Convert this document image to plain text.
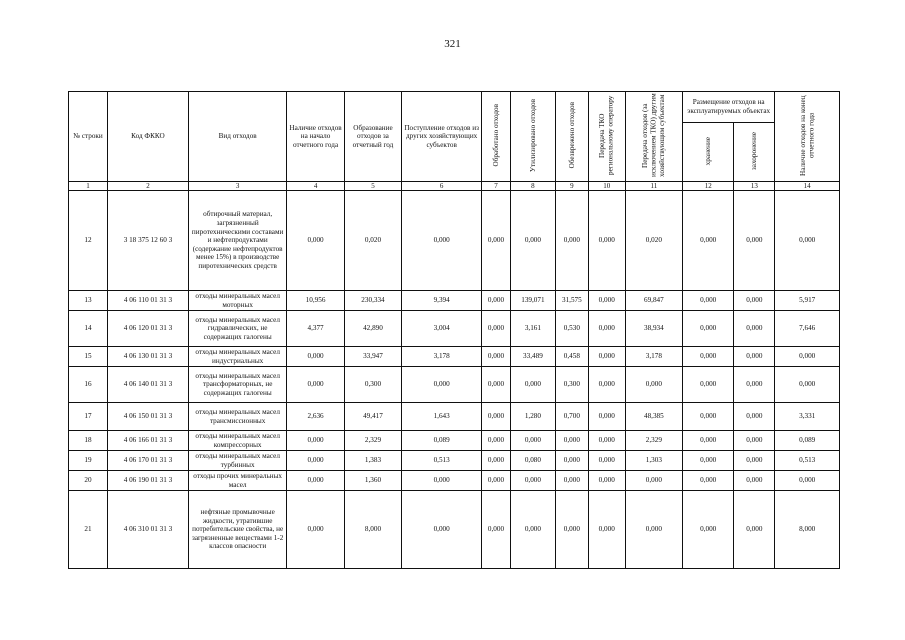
321
№ строки	Код ФККО	Вид отходов	Наличие отходов на начало отчетного года	Образование отходов за отчетный год	Поступление отходов из других хозяйствующих субъектов	Обработано отходов	Утилизировано отходов	Обезврежено отходов	Передача ТКО региональному оператору	Передача отходов (за исключением ТКО) другим хозяйствующим субъектам	Размещение отходов на эксплуатируемых объектах		Наличие отходов на конец отчетного года
											хранение	захоронение	
1	2	3	4	5	6	7	8	9	10	11	12	13	14
12	3 18 375 12 60 3	обтирочный материал, загрязненный пиротехническими составами и нефтепродуктами (содержание нефтепродуктов менее 15%) в производстве пиротехнических средств	0,000	0,020	0,000	0,000	0,000	0,000	0,000	0,020	0,000	0,000	0,000
13	4 06 110 01 31 3	отходы минеральных масел моторных	10,956	230,334	9,394	0,000	139,071	31,575	0,000	69,847	0,000	0,000	5,917
14	4 06 120 01 31 3	отходы минеральных масел гидравлических, не содержащих галогены	4,377	42,890	3,004	0,000	3,161	0,530	0,000	38,934	0,000	0,000	7,646
15	4 06 130 01 31 3	отходы минеральных масел индустриальных	0,000	33,947	3,178	0,000	33,489	0,458	0,000	3,178	0,000	0,000	0,000
16	4 06 140 01 31 3	отходы минеральных масел трансформаторных, не содержащих галогены	0,000	0,300	0,000	0,000	0,000	0,300	0,000	0,000	0,000	0,000	0,000
17	4 06 150 01 31 3	отходы минеральных масел трансмиссионных	2,636	49,417	1,643	0,000	1,280	0,700	0,000	48,385	0,000	0,000	3,331
18	4 06 166 01 31 3	отходы минеральных масел компрессорных	0,000	2,329	0,089	0,000	0,000	0,000	0,000	2,329	0,000	0,000	0,089
19	4 06 170 01 31 3	отходы минеральных масел турбинных	0,000	1,383	0,513	0,000	0,080	0,000	0,000	1,303	0,000	0,000	0,513
20	4 06 190 01 31 3	отходы прочих минеральных масел	0,000	1,360	0,000	0,000	0,000	0,000	0,000	0,000	0,000	0,000	0,000
21	4 06 310 01 31 3	нефтяные промывочные жидкости, утратившие потребительские свойства, не загрязненные веществами 1-2 классов опасности	0,000	8,000	0,000	0,000	0,000	0,000	0,000	0,000	0,000	0,000	8,000
